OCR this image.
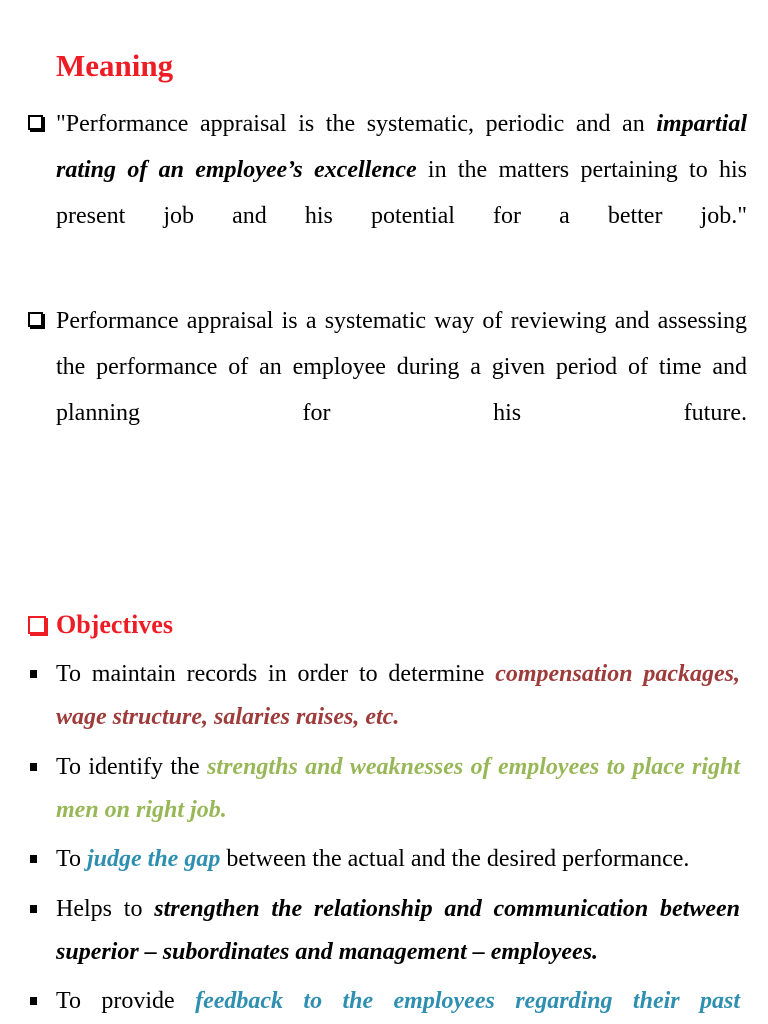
Meaning

"Performance appraisal is the systematic, periodic and an impartial rating of an employee’s excellence in the matters pertaining to his present job and his potential for a better job."

Performance appraisal is a systematic way of reviewing and assessing the performance of an employee during a given period of time and planning for his future.

Objectives

To maintain records in order to determine compensation packages, wage structure, salaries raises, etc.

To identify the strengths and weaknesses of employees to place right men on right job.

To judge the gap between the actual and the desired performance.

Helps to strengthen the relationship and communication between superior – subordinates and management – employees.

To provide feedback to the employees regarding their past
